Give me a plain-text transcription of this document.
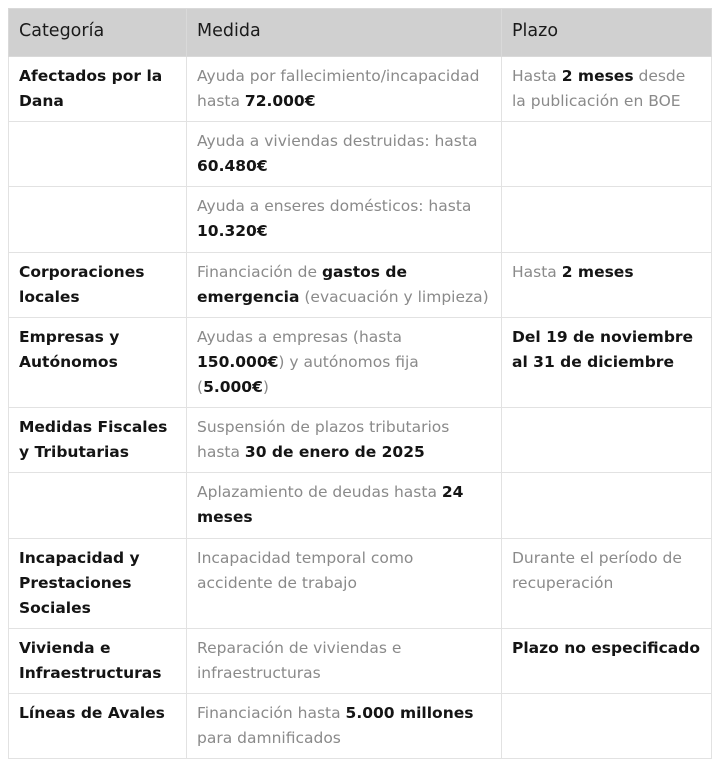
Categoría	Medida	Plazo
Afectados por la Dana	Ayuda por fallecimiento/incapacidad hasta 72.000€	Hasta 2 meses desde la publicación en BOE
	Ayuda a viviendas destruidas: hasta 60.480€	
	Ayuda a enseres domésticos: hasta 10.320€	
Corporaciones locales	Financiación de gastos de emergencia (evacuación y limpieza)	Hasta 2 meses
Empresas y Autónomos	Ayudas a empresas (hasta 150.000€) y autónomos fija (5.000€)	Del 19 de noviembre al 31 de diciembre
Medidas Fiscales y Tributarias	Suspensión de plazos tributarios hasta 30 de enero de 2025	
	Aplazamiento de deudas hasta 24 meses	
Incapacidad y Prestaciones Sociales	Incapacidad temporal como accidente de trabajo	Durante el período de recuperación
Vivienda e Infraestructuras	Reparación de viviendas e infraestructuras	Plazo no especificado
Líneas de Avales	Financiación hasta 5.000 millones para damnificados	
